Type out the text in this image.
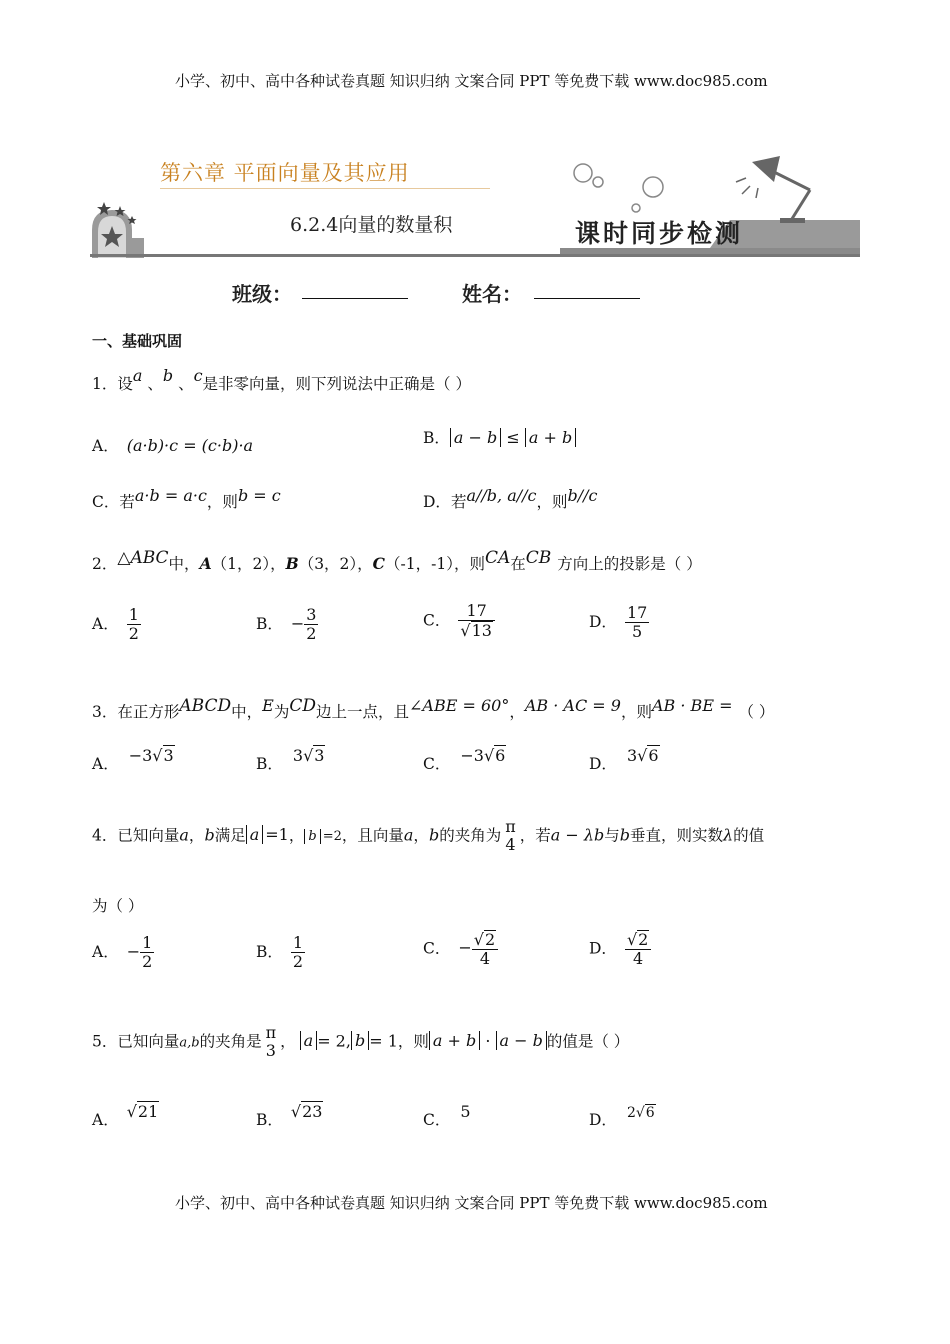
小学、初中、高中各种试卷真题 知识归纳 文案合同 PPT 等免费下载 www.doc985.com
第六章 平面向量及其应用
6.2.4向量的数量积	课时同步检测
班级：	姓名：
一、基础巩固
1．设a 、b 、c是非零向量，则下列说法中正确是（ ）
A． (a·b)·c = (c·b)·a	B． a − b ≤ a + b
C．若a·b = a·c，则b = c	D．若a//b, a//c，则b//c
2．△ABC中，A（1，2），B（3，2），C（-1，-1），则CA在CB 方向上的投影是（ ）
A． $\frac{1}{2}$	B． − $\frac{3}{2}$	C． $\frac{17}{√13}$	D． $\frac{17}{5}$
3．在正方形ABCD中，E为CD边上一点，且∠ABE = 60°，AB · AC = 9，则AB · BE = （ ）
A． −3√3	B． 3√3	C． −3√6	D． 3√6
4．已知向量a，b满足 a =1， b =2，且向量a，b的夹角为 π
4 ，若a − λb与b垂直，则实数λ的值
为（ ）
A． − $\frac{1}{2}$	B． $\frac{1}{2}$	C． − $\frac{√2}{4}$	D． $\frac{√2}{4}$
5．已知向量a,b的夹角是 π
3 ， a = 2, b = 1，则 a + b · a − b 的值是（ ）
A． √21	B． √23	C． 5	D． 2√6
小学、初中、高中各种试卷真题 知识归纳 文案合同 PPT 等免费下载 www.doc985.com
